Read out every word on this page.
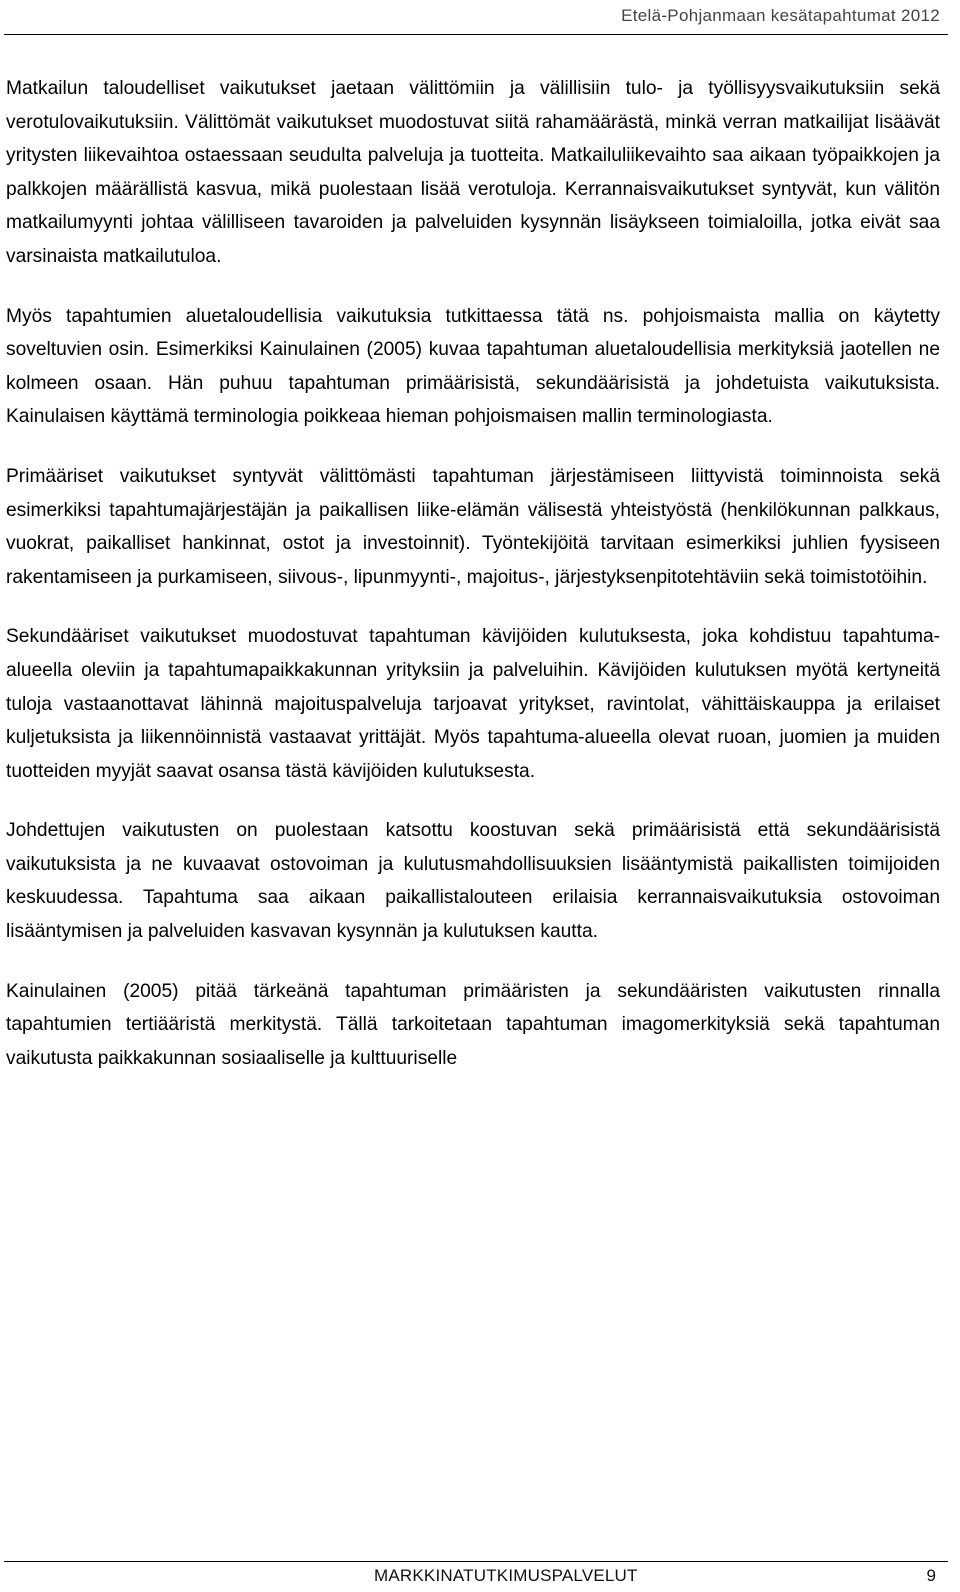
Etelä-Pohjanmaan kesätapahtumat 2012

Matkailun taloudelliset vaikutukset jaetaan välittömiin ja välillisiin tulo- ja työllisyysvaikutuksiin sekä verotulovaikutuksiin. Välittömät vaikutukset muodostuvat siitä rahamäärästä, minkä verran matkailijat lisäävät yritysten liikevaihtoa ostaessaan seudulta palveluja ja tuotteita. Matkailuliikevaihto saa aikaan työpaikkojen ja palkkojen määrällistä kasvua, mikä puolestaan lisää verotuloja. Kerrannaisvaikutukset syntyvät, kun välitön matkailumyynti johtaa välilliseen tavaroiden ja palveluiden kysynnän lisäykseen toimialoilla, jotka eivät saa varsinaista matkailutuloa.

Myös tapahtumien aluetaloudellisia vaikutuksia tutkittaessa tätä ns. pohjoismaista mallia on käytetty soveltuvien osin. Esimerkiksi Kainulainen (2005) kuvaa tapahtuman aluetaloudellisia merkityksiä jaotellen ne kolmeen osaan. Hän puhuu tapahtuman primäärisistä, sekundäärisistä ja johdetuista vaikutuksista. Kainulaisen käyttämä terminologia poikkeaa hieman pohjoismaisen mallin terminologiasta.

Primääriset vaikutukset syntyvät välittömästi tapahtuman järjestämiseen liittyvistä toiminnoista sekä esimerkiksi tapahtumajärjestäjän ja paikallisen liike-elämän välisestä yhteistyöstä (henkilökunnan palkkaus, vuokrat, paikalliset hankinnat, ostot ja investoinnit). Työntekijöitä tarvitaan esimerkiksi juhlien fyysiseen rakentamiseen ja purkamiseen, siivous-, lipunmyynti-, majoitus-, järjestyksenpitotehtäviin sekä toimistotöihin.

Sekundääriset vaikutukset muodostuvat tapahtuman kävijöiden kulutuksesta, joka kohdistuu tapahtuma-alueella oleviin ja tapahtumapaikkakunnan yrityksiin ja palveluihin. Kävijöiden kulutuksen myötä kertyneitä tuloja vastaanottavat lähinnä majoituspalveluja tarjoavat yritykset, ravintolat, vähittäiskauppa ja erilaiset kuljetuksista ja liikennöinnistä vastaavat yrittäjät. Myös tapahtuma-alueella olevat ruoan, juomien ja muiden tuotteiden myyjät saavat osansa tästä kävijöiden kulutuksesta.

Johdettujen vaikutusten on puolestaan katsottu koostuvan sekä primäärisistä että sekundäärisistä vaikutuksista ja ne kuvaavat ostovoiman ja kulutusmahdollisuuksien lisääntymistä paikallisten toimijoiden keskuudessa. Tapahtuma saa aikaan paikallistalouteen erilaisia kerrannaisvaikutuksia ostovoiman lisääntymisen ja palveluiden kasvavan kysynnän ja kulutuksen kautta.

Kainulainen (2005) pitää tärkeänä tapahtuman primääristen ja sekundääristen vaikutusten rinnalla tapahtumien tertiääristä merkitystä. Tällä tarkoitetaan tapahtuman imagomerkityksiä sekä tapahtuman vaikutusta paikkakunnan sosiaaliselle ja kulttuuriselle

MARKKINATUTKIMUSPALVELUT	9
